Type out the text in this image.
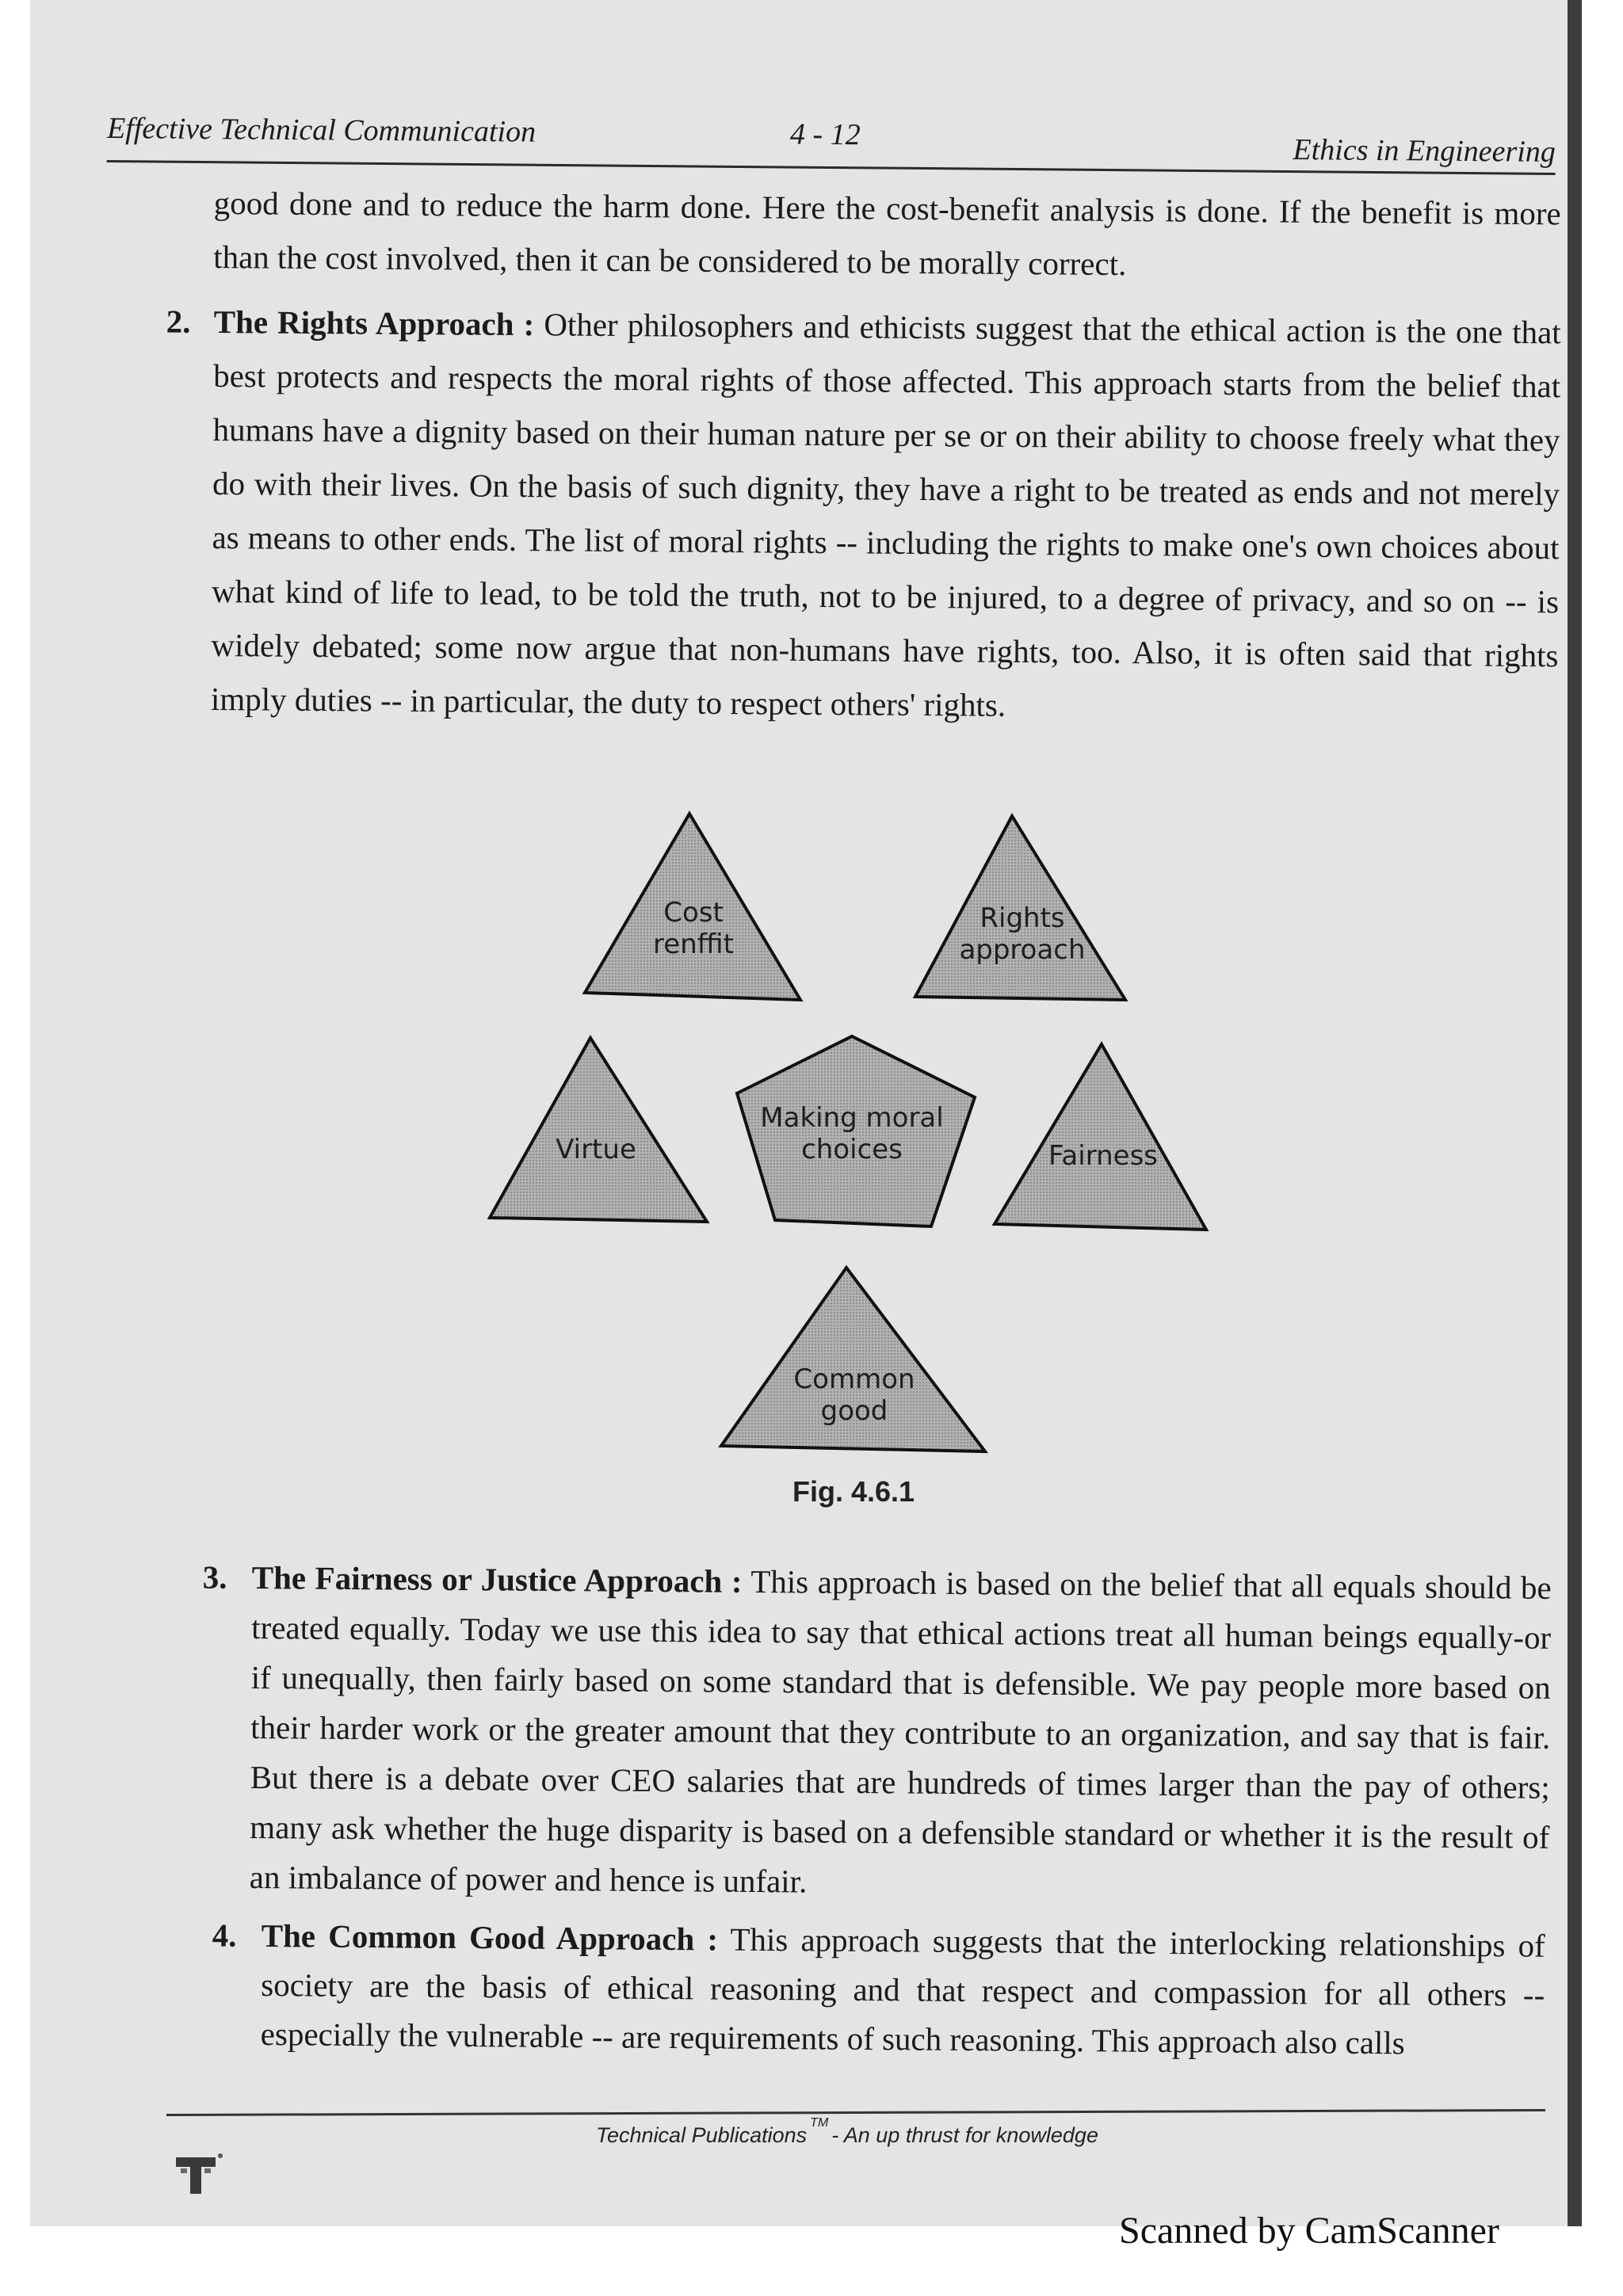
Effective Technical Communication	4 - 12	Ethics in Engineering
good done and to reduce the harm done. Here the cost-benefit analysis is done. If the benefit is more than the cost involved, then it can be considered to be morally correct.
2. The Rights Approach : Other philosophers and ethicists suggest that the ethical action is the one that best protects and respects the moral rights of those affected. This approach starts from the belief that humans have a dignity based on their human nature per se or on their ability to choose freely what they do with their lives. On the basis of such dignity, they have a right to be treated as ends and not merely as means to other ends. The list of moral rights -- including the rights to make one's own choices about what kind of life to lead, to be told the truth, not to be injured, to a degree of privacy, and so on -- is widely debated; some now argue that non-humans have rights, too. Also, it is often said that rights imply duties -- in particular, the duty to respect others' rights.
Cost
renffit
Rights
approach
Virtue
Making moral
choices	Fairness
Common
good
Fig. 4.6.1
3. The Fairness or Justice Approach : This approach is based on the belief that all equals should be treated equally. Today we use this idea to say that ethical actions treat all human beings equally-or if unequally, then fairly based on some standard that is defensible. We pay people more based on their harder work or the greater amount that they contribute to an organization, and say that is fair. But there is a debate over CEO salaries that are hundreds of times larger than the pay of others; many ask whether the huge disparity is based on a defensible standard or whether it is the result of an imbalance of power and hence is unfair.
4. The Common Good Approach : This approach suggests that the interlocking relationships of society are the basis of ethical reasoning and that respect and compassion for all others -- especially the vulnerable -- are requirements of such reasoning. This approach also calls
Technical Publications™- An up thrust for knowledge
Scanned by CamScanner
